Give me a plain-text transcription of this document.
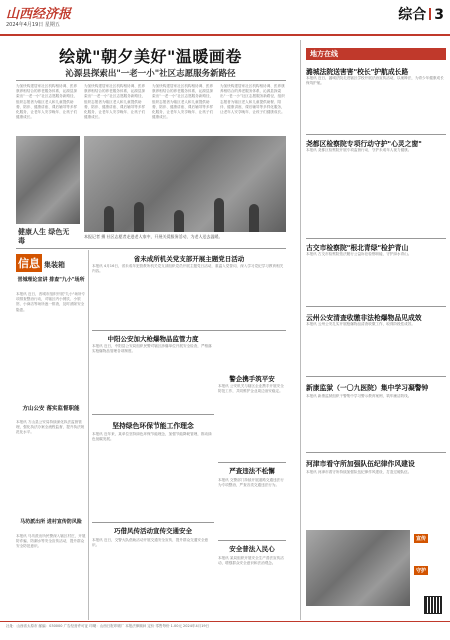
山西经济报
2024年4月19日 星期五
综合 3
绘就"朝夕美好"温暖画卷
沁源县探索出"一老一小"社区志愿服务新路径
为加快构建居家社区机构相协调、医养康养相结合的养老服务体系，沁源县探索出“一老一小”社区志愿服务新路径，组织志愿者为辖区老人和儿童提供助餐、陪伴、健康讲座、课后辅导等多样化服务，让老年人安享晚年、让孩子们健康成长。
为加快构建居家社区机构相协调、医养康养相结合的养老服务体系，沁源县探索出“一老一小”社区志愿服务新路径，组织志愿者为辖区老人和儿童提供助餐、陪伴、健康讲座、课后辅导等多样化服务，让老年人安享晚年、让孩子们健康成长。
为加快构建居家社区机构相协调、医养康养相结合的养老服务体系，沁源县探索出“一老一小”社区志愿服务新路径，组织志愿者为辖区老人和儿童提供助餐、陪伴、健康讲座、课后辅导等多样化服务，让老年人安享晚年、让孩子们健康成长。
为加快构建居家社区机构相协调、医养康养相结合的养老服务体系，沁源县探索出“一老一小”社区志愿服务新路径，组织志愿者为辖区老人和儿童提供助餐、陪伴、健康讲座、课后辅导等多样化服务，让老年人安享晚年、让孩子们健康成长。
本报记者 摄 社区志愿者走进老人家中，开展关爱服务活动，为老人送去温暖。
健康人生 绿色无毒
信息 集装箱
晋城理论宣讲 排查"九小"场所
本报讯 近日，晋城市组织开展"九小"场所专项排查整治行动，对辖区内小餐饮、小旅馆、小商店等场所逐一排查，及时消除安全隐患。
方山公安 落实监督职能
本报讯 方山县公安局持续深化执法监督管理，强化执法办案全流程监督，提升执法规范化水平。
马坊派出所 进村宣传防风险
本报讯 马坊派出所民警深入辖区村庄，开展防诈骗、防溺水等安全宣传活动，提升群众安全防范意识。
省未成所机关党支部开展主题党日活动
本报讯 4月16日，省未成年犯管教所机关党支部组织党员开展主题党日活动，重温入党誓词，深入学习党纪学习教育相关内容。
中阳公安加大枪爆物品监管力度
本报讯 近日，中阳县公安局组织民警对辖区涉爆单位开展安全检查，严格落实枪爆物品管理各项制度。
警企携手筑平安
本报讯 公安机关与辖区企业携手开展安全防范工作，共同维护企业周边治安稳定。
坚持绿色环保节能工作理念
本报讯 近年来，某单位坚持绿色环保节能理念，加强节能降耗管理，推动绿色低碳发展。
严查违法不松懈
本报讯 交警部门持续开展道路交通违法行为专项整治，严查各类交通违法行为。
巧借风传活动宣传交通安全
本报讯 近日，交警大队借助活动开展交通安全宣传，提升群众交通安全意识。	安全普法入民心
本报讯 某局组织开展安全生产普法宣传活动，增强群众安全意识和法治观念。
地方在线
潞城法院送害害"校长"护航成长路
本报讯 近日，潞城法院走进辖区学校开展法治宣传活动，以案释法，为青少年健康成长保驾护航。
尧都区检察院专项行动守护"心灵之窗"
本报讯 尧都区检察院开展专项监督行动，守护未成年人视力健康。
古交市检察院"根北青绿"检护青山
本报讯 古交市检察院依法履行公益诉讼检察职能，守护绿水青山。
云州公安清查收缴非法枪爆物品见成效
本报讯 云州公安扎实开展枪爆物品清查收缴工作，取得阶段性成效。
新康监狱（一〇九医院）集中学习凝警钟
本报讯 新康监狱组织干警集中学习警示教育案例，筑牢廉洁防线。
河津市看守所加强队伍纪律作风建设
本报讯 河津市看守所持续加强队伍纪律作风建设，打造过硬队伍。
宣传
守护
社址：山西省太原市 邮编：030000 广告经营许可证 印刷：山西日报印刷厂 本报法律顾问 定价 零售每份 1.00元 2024年4月19日
